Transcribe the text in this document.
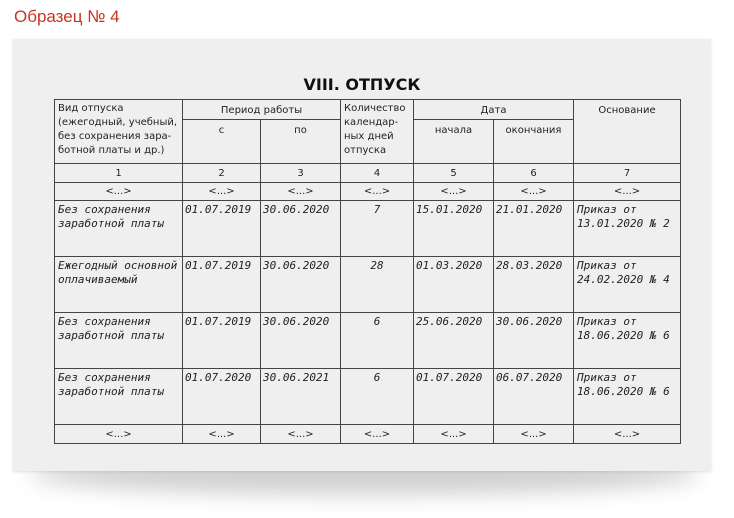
Образец № 4
VIII. ОТПУСК
Вид отпуска (ежегодный, учебный, без сохранения зара-ботной платы и др.)	Период работы		Количество календар-ных дней отпуска	Дата		Основание
	с	по		начала	окончания	
1	2	3	4	5	6	7
<...>	<...>	<...>	<...>	<...>	<...>	<...>
Без сохранения заработной платы	01.07.2019	30.06.2020	7	15.01.2020	21.01.2020	Приказ от 13.01.2020 № 2
Ежегодный основной оплачиваемый	01.07.2019	30.06.2020	28	01.03.2020	28.03.2020	Приказ от 24.02.2020 № 4
Без сохранения заработной платы	01.07.2019	30.06.2020	6	25.06.2020	30.06.2020	Приказ от 18.06.2020 № 6
Без сохранения заработной платы	01.07.2020	30.06.2021	6	01.07.2020	06.07.2020	Приказ от 18.06.2020 № 6
<...>	<...>	<...>	<...>	<...>	<...>	<...>
